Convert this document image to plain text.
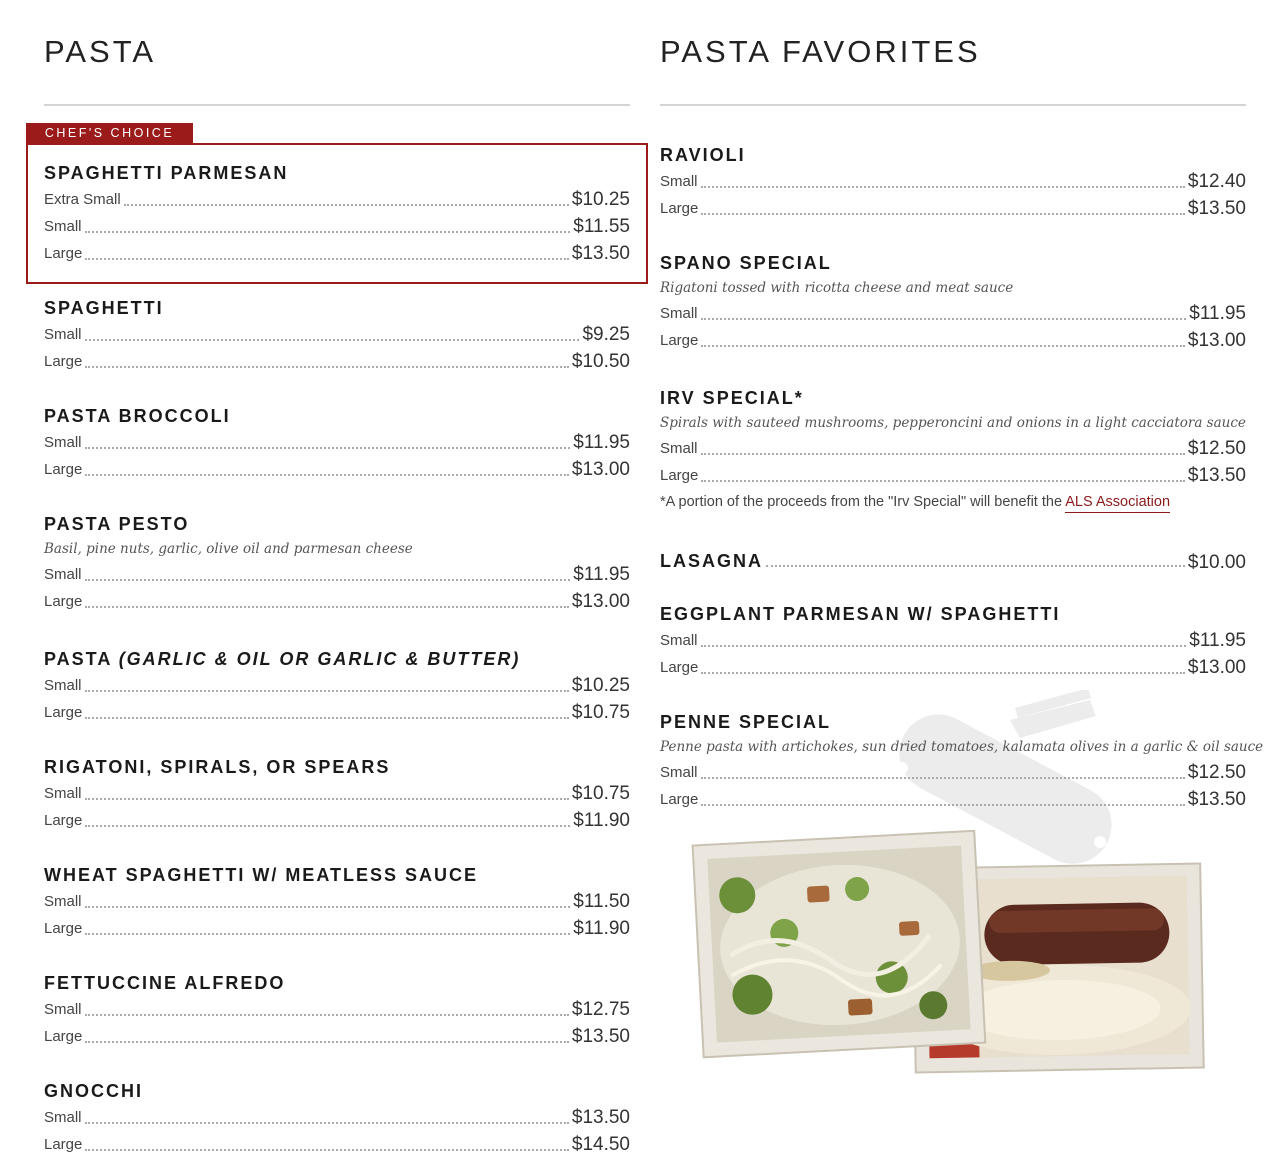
CHEF'S CHOICE
PASTA
SPAGHETTI PARMESAN
Extra Small	$10.25
Small	$11.55
Large	$13.50
SPAGHETTI
Small	$9.25
Large	$10.50
PASTA BROCCOLI
Small	$11.95
Large	$13.00
PASTA PESTO
Basil, pine nuts, garlic, olive oil and parmesan cheese
Small	$11.95
Large	$13.00
PASTA (GARLIC & OIL OR GARLIC & BUTTER)
Small	$10.25
Large	$10.75
RIGATONI, SPIRALS, OR SPEARS
Small	$10.75
Large	$11.90
WHEAT SPAGHETTI W/ MEATLESS SAUCE
Small	$11.50
Large	$11.90
FETTUCCINE ALFREDO
Small	$12.75
Large	$13.50
GNOCCHI
Small	$13.50
Large	$14.50
PASTA FAVORITES
RAVIOLI
Small	$12.40
Large	$13.50
SPANO SPECIAL
Rigatoni tossed with ricotta cheese and meat sauce
Small	$11.95
Large	$13.00
IRV SPECIAL*
Spirals with sauteed mushrooms, pepperoncini and onions in a light cacciatora sauce
Small	$12.50
Large	$13.50
*A portion of the proceeds from the "Irv Special" will benefit the ALS Association
LASAGNA	$10.00
EGGPLANT PARMESAN W/ SPAGHETTI
Small	$11.95
Large	$13.00
PENNE SPECIAL
Penne pasta with artichokes, sun dried tomatoes, kalamata olives in a garlic & oil sauce
Small	$12.50
Large	$13.50
